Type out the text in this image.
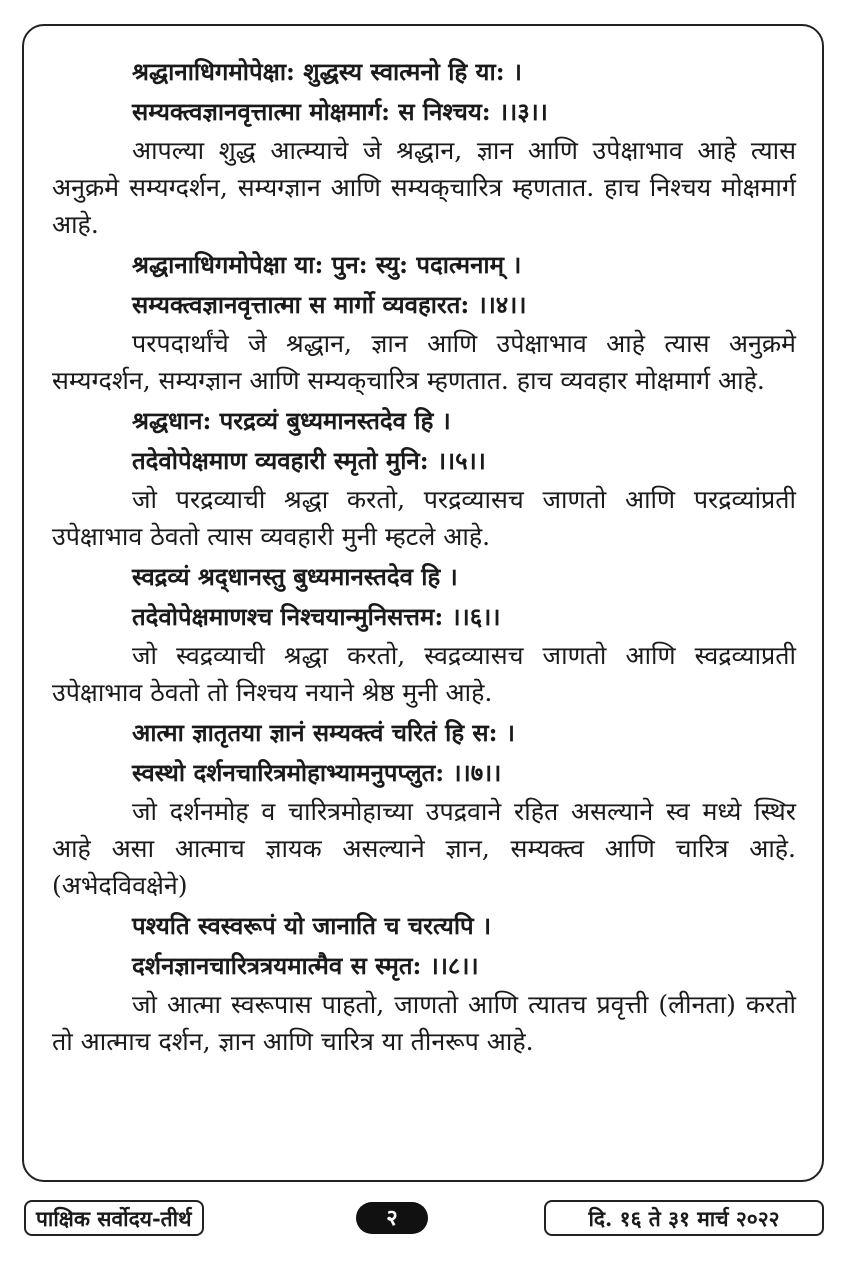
श्रद्धानाधिगमोपेक्षा: शुद्धस्य स्वात्मनो हि या: ।
सम्यक्त्वज्ञानवृत्तात्मा मोक्षमार्ग: स निश्चय: ।।३।।

आपल्या शुद्ध आत्म्याचे जे श्रद्धान, ज्ञान आणि उपेक्षाभाव आहे त्यास अनुक्रमे सम्यग्दर्शन, सम्यग्ज्ञान आणि सम्यक्‌चारित्र म्हणतात. हाच निश्चय मोक्षमार्ग आहे.

श्रद्धानाधिगमोपेक्षा या: पुन: स्यु: पदात्मनाम्‌ ।
सम्यक्त्वज्ञानवृत्तात्मा स मार्गो व्यवहारत: ।।४।।

परपदार्थांचे जे श्रद्धान, ज्ञान आणि उपेक्षाभाव आहे त्यास अनुक्रमे सम्यग्दर्शन, सम्यग्ज्ञान आणि सम्यक्‌चारित्र म्हणतात. हाच व्यवहार मोक्षमार्ग आहे.

श्रद्धधान: परद्रव्यं बुध्यमानस्तदेव हि ।
तदेवोपेक्षमाण व्यवहारी स्मृतो मुनि: ।।५।।

जो परद्रव्याची श्रद्धा करतो, परद्रव्यासच जाणतो आणि परद्रव्यांप्रती उपेक्षाभाव ठेवतो त्यास व्यवहारी मुनी म्हटले आहे.

स्वद्रव्यं श्रद्‌धानस्तु बुध्यमानस्तदेव हि ।
तदेवोपेक्षमाणश्च निश्चयान्मुनिसत्तम: ।।६।।

जो स्वद्रव्याची श्रद्धा करतो, स्वद्रव्यासच जाणतो आणि स्वद्रव्याप्रती उपेक्षाभाव ठेवतो तो निश्चय नयाने श्रेष्ठ मुनी आहे.

आत्मा ज्ञातृतया ज्ञानं सम्यक्त्वं चरितं हि स: ।
स्वस्थो दर्शनचारित्रमोहाभ्यामनुपप्लुत: ।।७।।

जो दर्शनमोह व चारित्रमोहाच्या उपद्रवाने रहित असल्याने स्व मध्ये स्थिर आहे असा आत्माच ज्ञायक असल्याने ज्ञान, सम्यक्त्व आणि चारित्र आहे. (अभेदविवक्षेने)

पश्यति स्वस्वरूपं यो जानाति च चरत्यपि ।
दर्शनज्ञानचारित्रत्रयमात्मैव स स्मृत: ।।८।।

जो आत्मा स्वरूपास पाहतो, जाणतो आणि त्यातच प्रवृत्ती (लीनता) करतो तो आत्माच दर्शन, ज्ञान आणि चारित्र या तीनरूप आहे.

पाक्षिक सर्वोदय-तीर्थ	२	दि. १६ ते ३१ मार्च २०२२
